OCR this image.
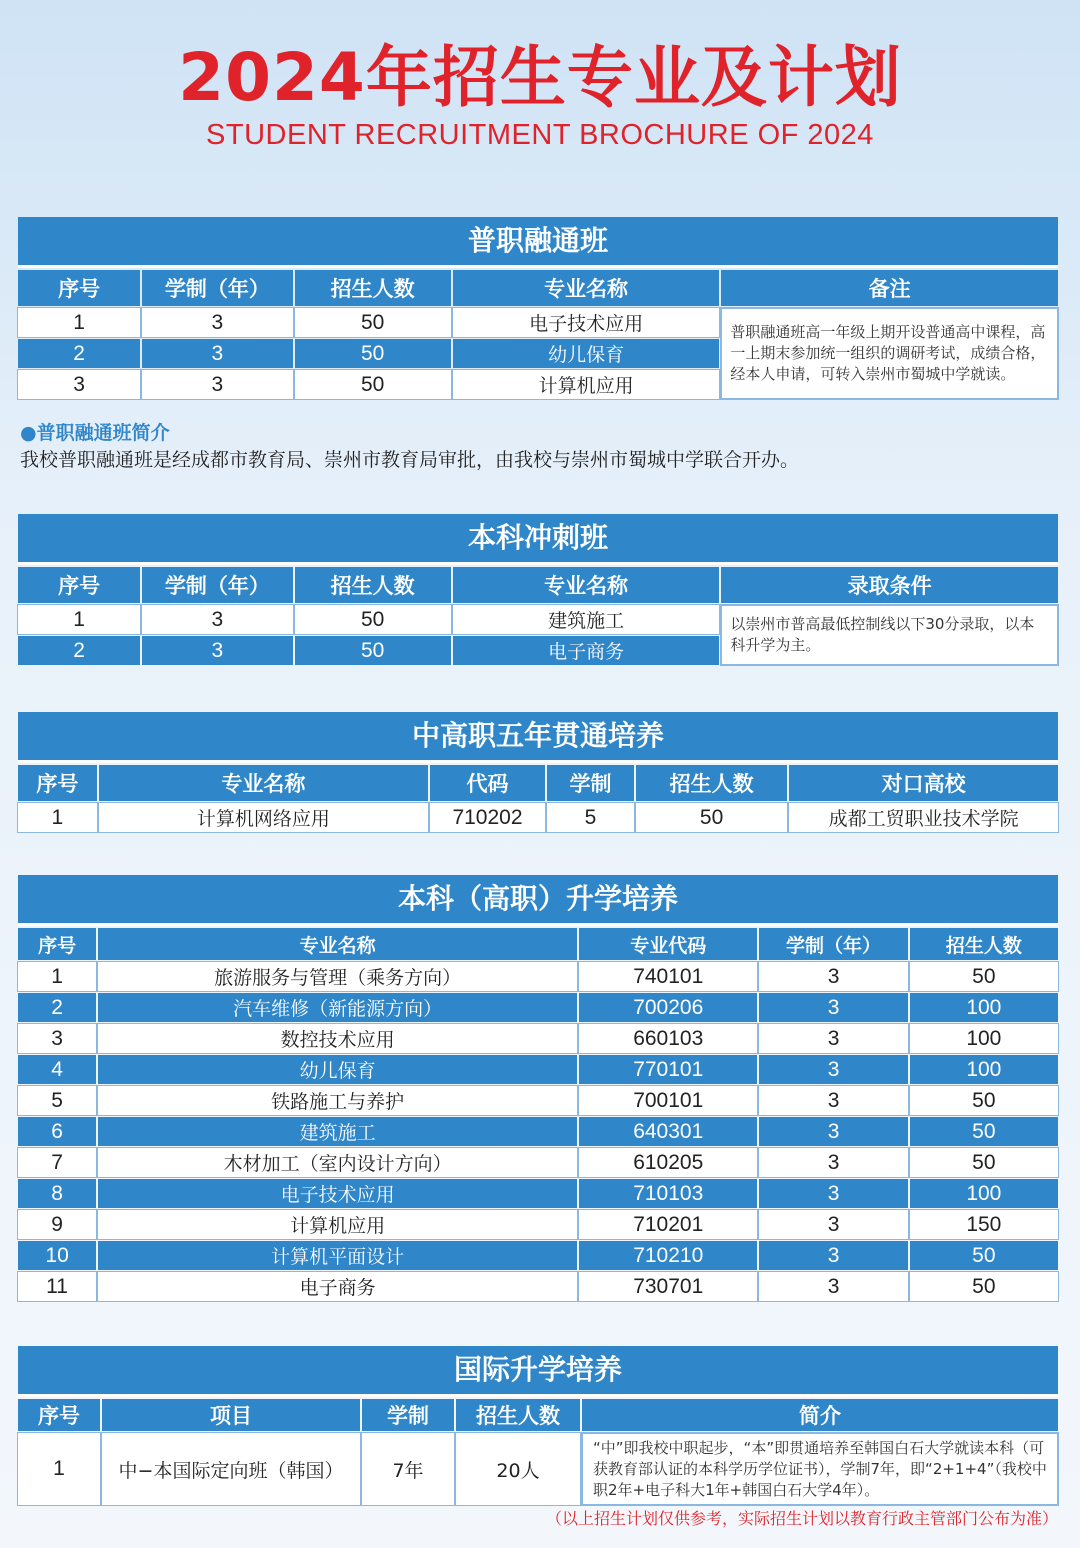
2024年招生专业及计划
STUDENT RECRUITMENT BROCHURE OF 2024
普职融通班
序号	学制（年）	招生人数	专业名称	备注
1	3	50	电子技术应用	普职融通班高一年级上期开设普通高中课程，高一上期末参加统一组织的调研考试，成绩合格，经本人申请，可转入崇州市蜀城中学就读。
2	3	50	幼儿保育	
3	3	50	计算机应用	
●普职融通班简介
我校普职融通班是经成都市教育局、崇州市教育局审批，由我校与崇州市蜀城中学联合开办。
本科冲刺班
序号	学制（年）	招生人数	专业名称	录取条件
1	3	50	建筑施工	以崇州市普高最低控制线以下30分录取，以本科升学为主。
2	3	50	电子商务	
中高职五年贯通培养
序号	专业名称	代码	学制	招生人数	对口高校
1	计算机网络应用	710202	5	50	成都工贸职业技术学院
本科（高职）升学培养
序号	专业名称	专业代码	学制（年）	招生人数
1	旅游服务与管理（乘务方向）	740101	3	50
2	汽车维修（新能源方向）	700206	3	100
3	数控技术应用	660103	3	100
4	幼儿保育	770101	3	100
5	铁路施工与养护	700101	3	50
6	建筑施工	640301	3	50
7	木材加工（室内设计方向）	610205	3	50
8	电子技术应用	710103	3	100
9	计算机应用	710201	3	150
10	计算机平面设计	710210	3	50
11	电子商务	730701	3	50
国际升学培养
序号	项目	学制	招生人数	简介
1	中−本国际定向班（韩国）	7年	20人	“中”即我校中职起步，“本”即贯通培养至韩国白石大学就读本科（可获教育部认证的本科学历学位证书），学制7年，即“2+1+4”（我校中职2年+电子科大1年+韩国白石大学4年）。
（以上招生计划仅供参考，实际招生计划以教育行政主管部门公布为准）
